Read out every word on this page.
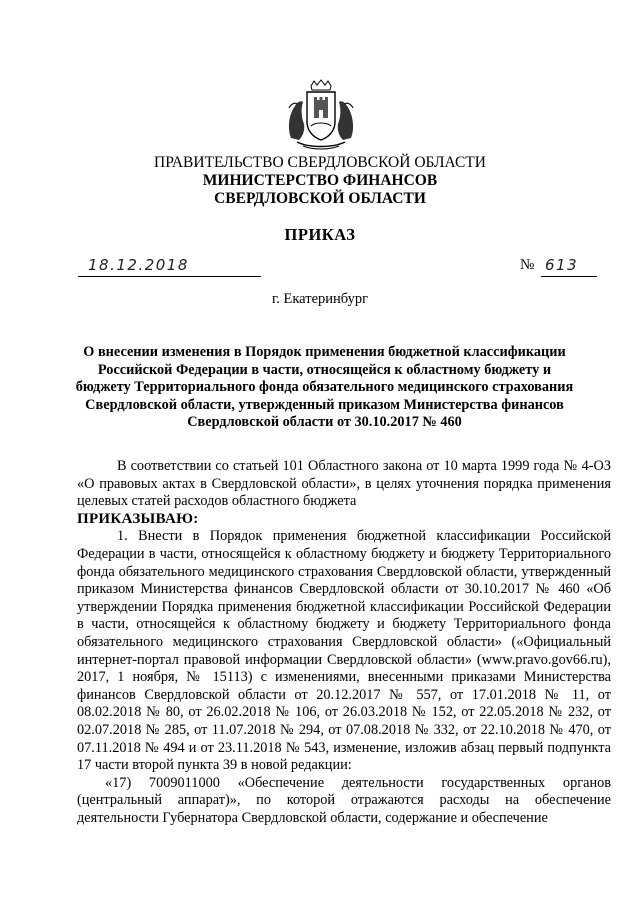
ПРАВИТЕЛЬСТВО СВЕРДЛОВСКОЙ ОБЛАСТИ
МИНИСТЕРСТВО ФИНАНСОВ
СВЕРДЛОВСКОЙ ОБЛАСТИ
ПРИКАЗ
18.12.2018	№ 613
г. Екатеринбург
О внесении изменения в Порядок применения бюджетной классификации Российской Федерации в части, относящейся к областному бюджету и бюджету Территориального фонда обязательного медицинского страхования Свердловской области, утвержденный приказом Министерства финансов Свердловской области от 30.10.2017 № 460

В соответствии со статьей 101 Областного закона от 10 марта 1999 года № 4-ОЗ «О правовых актах в Свердловской области», в целях уточнения порядка применения целевых статей расходов областного бюджета

ПРИКАЗЫВАЮ:

1. Внести в Порядок применения бюджетной классификации Российской Федерации в части, относящейся к областному бюджету и бюджету Территориального фонда обязательного медицинского страхования Свердловской области, утвержденный приказом Министерства финансов Свердловской области от 30.10.2017 № 460 «Об утверждении Порядка применения бюджетной классификации Российской Федерации в части, относящейся к областному бюджету и бюджету Территориального фонда обязательного медицинского страхования Свердловской области» («Официальный интернет-портал правовой информации Свердловской области» (www.pravo.gov66.ru), 2017, 1 ноября, № 15113) с изменениями, внесенными приказами Министерства финансов Свердловской области от 20.12.2017 № 557, от 17.01.2018 № 11, от 08.02.2018 № 80, от 26.02.2018 № 106, от 26.03.2018 № 152, от 22.05.2018 № 232, от 02.07.2018 № 285, от 11.07.2018 № 294, от 07.08.2018 № 332, от 22.10.2018 № 470, от 07.11.2018 № 494 и от 23.11.2018 № 543, изменение, изложив абзац первый подпункта 17 части второй пункта 39 в новой редакции:

«17) 7009011000 «Обеспечение деятельности государственных органов (центральный аппарат)», по которой отражаются расходы на обеспечение деятельности Губернатора Свердловской области, содержание и обеспечение
